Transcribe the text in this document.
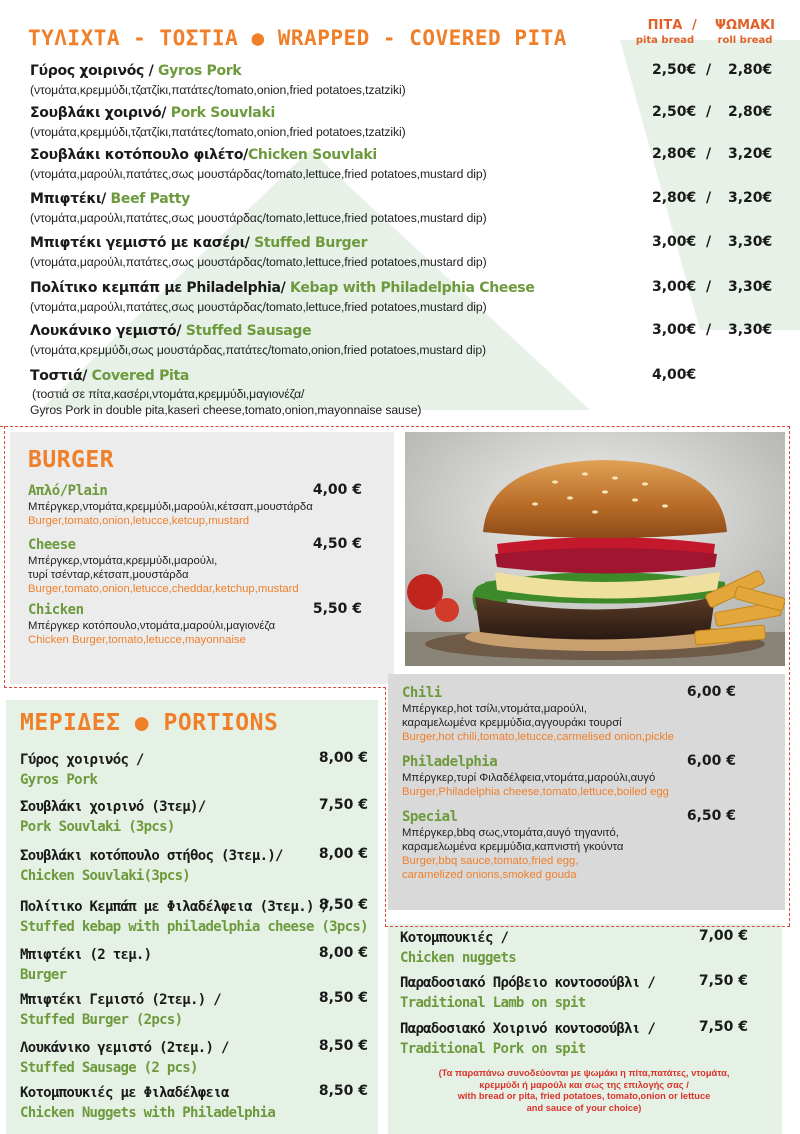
ΤΥΛΙΧΤΑ - ΤΟΣΤΙΑ ● WRAPPED - COVERED PITA
ΠΙΤΑ
pita bread
/	ΨΩΜΑΚΙ
roll bread
Γύρος χοιρινός / Gyros Pork
(ντομάτα,κρεμμύδι,τζατζίκι,πατάτες/tomato,onion,fried potatoes,tzatziki)
2,50€ / 2,80€
Σουβλάκι χοιρινό/ Pork Souvlaki
(ντομάτα,κρεμμύδι,τζατζίκι,πατάτες/tomato,onion,fried potatoes,tzatziki)
2,50€ / 2,80€
Σουβλάκι κοτόπουλο φιλέτο/Chicken Souvlaki
(ντομάτα,μαρούλι,πατάτες,σως μουστάρδας/tomato,lettuce,fried potatoes,mustard dip)
2,80€ / 3,20€
Μπιφτέκι/ Beef Patty
(ντομάτα,μαρούλι,πατάτες,σως μουστάρδας/tomato,lettuce,fried potatoes,mustard dip)
2,80€ / 3,20€
Μπιφτέκι γεμιστό με κασέρι/ Stuffed Burger
(ντομάτα,μαρούλι,πατάτες,σως μουστάρδας/tomato,lettuce,fried potatoes,mustard dip)
3,00€ / 3,30€
Πολίτικο κεμπάπ με Philadelphia/ Kebap with Philadelphia Cheese
(ντομάτα,μαρούλι,πατάτες,σως μουστάρδας/tomato,lettuce,fried potatoes,mustard dip)
3,00€ / 3,30€
Λουκάνικο γεμιστό/ Stuffed Sausage
(ντομάτα,κρεμμύδι,σως μουστάρδας,πατάτες/tomato,onion,fried potatoes,mustard dip)
3,00€ / 3,30€
Τοστιά/ Covered Pita
(τοστιά σε πίτα,κασέρι,ντομάτα,κρεμμύδι,μαγιονέζα/
Gyros Pork in double pita,kaseri cheese,tomato,onion,mayonnaise sause)
4,00€
BURGER
Απλό/Plain	4,00 €
Μπέργκερ,ντομάτα,κρεμμύδι,μαρούλι,κέτσαπ,μουστάρδα
Burger,tomato,onion,letucce,ketcup,mustard
Cheese	4,50 €
Μπέργκερ,ντομάτα,κρεμμύδι,μαρούλι,
τυρί τσένταρ,κέτσαπ,μουστάρδα
Burger,tomato,onion,letucce,cheddar,ketchup,mustard
Chicken	5,50 €
Μπέργκερ κοτόπουλο,ντομάτα,μαρούλι,μαγιονέζα
Chicken Burger,tomato,letucce,mayonnaise
Chili	6,00 €
Μπέργκερ,hot τσίλι,ντομάτα,μαρούλι,
καραμελωμένα κρεμμύδια,αγγουράκι τουρσί
Burger,hot chili,tomato,letucce,carmelised onion,pickle
Philadelphia	6,00 €
Μπέργκερ,τυρί Φιλαδέλφεια,ντομάτα,μαρούλι,αυγό
Burger,Philadelphia cheese,tomato,lettuce,boiled egg
Special	6,50 €
Μπέργκερ,bbq σως,ντομάτα,αυγό τηγανιτό,
καραμελωμένα κρεμμύδια,καπνιστή γκούντα
Burger,bbq sauce,tomato,fried egg,
caramelized onions,smoked gouda
ΜΕΡΙΔΕΣ ● PORTIONS
Γύρος χοιρινός /
Gyros Pork
8,00 €
Σουβλάκι χοιρινό (3τεμ)/
Pork Souvlaki (3pcs)
7,50 €
Σουβλάκι κοτόπουλο στήθος (3τεμ.)/
Chicken Souvlaki(3pcs)
8,00 €
Πολίτικο Κεμπάπ με Φιλαδέλφεια (3τεμ.) /
Stuffed kebap with philadelphia cheese (3pcs)
8,50 €
Μπιφτέκι (2 τεμ.)
Burger
8,00 €
Μπιφτέκι Γεμιστό (2τεμ.) /
Stuffed Burger (2pcs)
8,50 €
Λουκάνικο γεμιστό (2τεμ.) /
Stuffed Sausage (2 pcs)
8,50 €
Κοτομπουκιές με Φιλαδέλφεια
Chicken Nuggets with Philadelphia
8,50 €
Κοτομπουκιές /
Chicken nuggets
7,00 €
Παραδοσιακό Πρόβειο κοντοσούβλι /
Traditional Lamb on spit
7,50 €
Παραδοσιακό Χοιρινό κοντοσούβλι /
Traditional Pork on spit
7,50 €
(Τα παραπάνω συνοδεύονται με ψωμάκι η πίτα,πατάτες, ντομάτα,
κρεμμύδι ή μαρούλι και σως της επιλογής σας /
with bread or pita, fried potatoes, tomato,onion or lettuce
and sauce of your choice)
